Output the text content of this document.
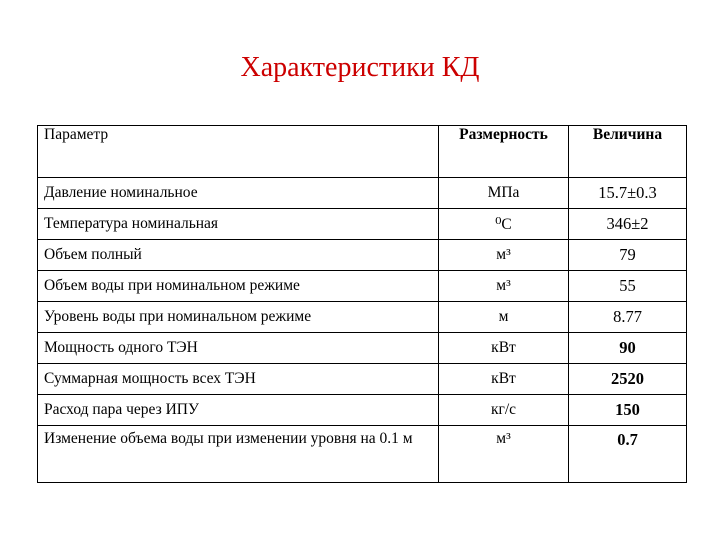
Характеристики КД
Параметр	Размерность	Величина
Давление номинальное	МПа	15.7±0.3
Температура номинальная	⁰С	346±2
Объем полный	м³	79
Объем воды при номинальном режиме	м³	55
Уровень воды при номинальном режиме	м	8.77
Мощность одного ТЭН	кВт	90
Суммарная мощность всех ТЭН	кВт	2520
Расход пара через ИПУ	кг/с	150

Изменение объема воды при изменении уровня на 0.1 м	м³	0.7
